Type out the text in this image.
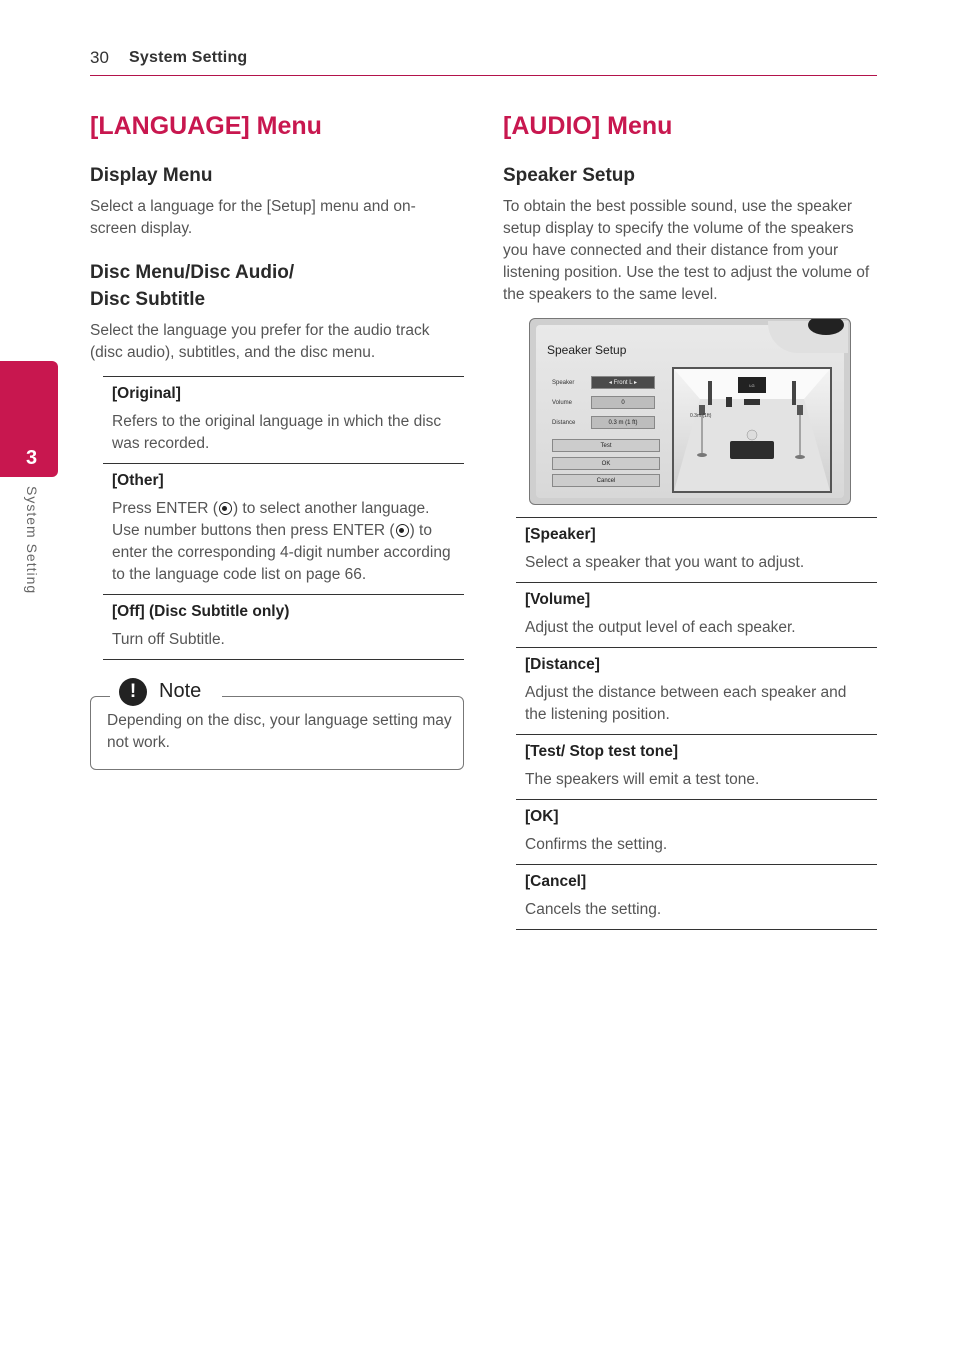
30 System Setting
3
System Setting
[LANGUAGE] Menu
Display Menu

Select a language for the [Setup] menu and on-screen display.

Disc Menu/Disc Audio/
Disc Subtitle

Select the language you prefer for the audio track (disc audio), subtitles, and the disc menu.

[Original]
Refers to the original language in which the disc was recorded.
[Other]
Press ENTER ( ) to select another language. Use number buttons then press ENTER ( ) to enter the corresponding 4-digit number according to the language code list on page 66.
[Off] (Disc Subtitle only)
Turn off Subtitle.
!	Note
Depending on the disc, your language setting may not work.
[AUDIO] Menu
Speaker Setup

To obtain the best possible sound, use the speaker setup display to specify the volume of the speakers you have connected and their distance from your listening position. Use the test to adjust the volume of the speakers to the same level.

Speaker Setup
Speaker	◂ Front L ▸
Volume	0
Distance	0.3 m (1 ft)
Test
OK
Cancel
LG
0.3m (1ft)
[Speaker]
Select a speaker that you want to adjust.
[Volume]
Adjust the output level of each speaker.
[Distance]
Adjust the distance between each speaker and the listening position.
[Test/ Stop test tone]
The speakers will emit a test tone.
[OK]
Confirms the setting.
[Cancel]
Cancels the setting.
